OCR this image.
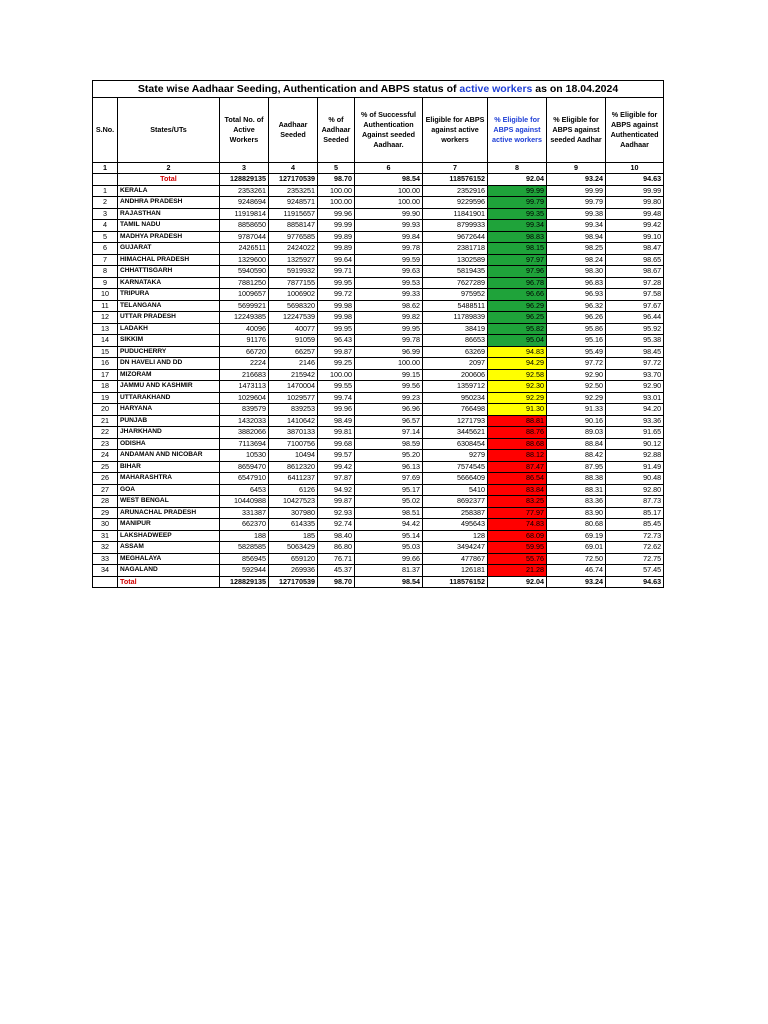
State wise Aadhaar Seeding, Authentication and ABPS status of active workers as on 18.04.2024									
S.No.	States/UTs	Total No. of Active Workers	Aadhaar Seeded	% of Aadhaar Seeded	% of Successful Authentication Against seeded Aadhaar.	Eligible for ABPS against active workers	% Eligible for ABPS against active workers	% Eligible for ABPS against seeded Aadhar	% Eligible for ABPS against Authenticated Aadhaar
1	2	3	4	5	6	7	8	9	10
	Total	128829135	127170539	98.70	98.54	118576152	92.04	93.24	94.63
1	KERALA	2353261	2353251	100.00	100.00	2352916	99.99	99.99	99.99
2	ANDHRA PRADESH	9248694	9248571	100.00	100.00	9229596	99.79	99.79	99.80
3	RAJASTHAN	11919814	11915657	99.96	99.90	11841901	99.35	99.38	99.48
4	TAMIL NADU	8858650	8858147	99.99	99.93	8799933	99.34	99.34	99.42
5	MADHYA PRADESH	9787044	9776585	99.89	99.84	9672644	98.83	98.94	99.10
6	GUJARAT	2426511	2424022	99.89	99.78	2381718	98.15	98.25	98.47
7	HIMACHAL PRADESH	1329600	1325927	99.64	99.59	1302589	97.97	98.24	98.65
8	CHHATTISGARH	5940590	5919932	99.71	99.63	5819435	97.96	98.30	98.67
9	KARNATAKA	7881250	7877155	99.95	99.53	7627289	96.78	96.83	97.28
10	TRIPURA	1009657	1006902	99.72	99.33	975952	96.66	96.93	97.58
11	TELANGANA	5699921	5698320	99.98	98.62	5488511	96.29	96.32	97.67
12	UTTAR PRADESH	12249385	12247539	99.98	99.82	11789839	96.25	96.26	96.44
13	LADAKH	40096	40077	99.95	99.95	38419	95.82	95.86	95.92
14	SIKKIM	91176	91059	96.43	99.78	86653	95.04	95.16	95.38
15	PUDUCHERRY	66720	66257	99.87	96.99	63269	94.83	95.49	98.45
16	DN HAVELI AND DD	2224	2146	99.25	100.00	2097	94.29	97.72	97.72
17	MIZORAM	216683	215942	100.00	99.15	200606	92.58	92.90	93.70
18	JAMMU AND KASHMIR	1473113	1470004	99.55	99.56	1359712	92.30	92.50	92.90
19	UTTARAKHAND	1029604	1029577	99.74	99.23	950234	92.29	92.29	93.01
20	HARYANA	839579	839253	99.96	96.96	766498	91.30	91.33	94.20
21	PUNJAB	1432033	1410642	98.49	96.57	1271793	88.81	90.16	93.36
22	JHARKHAND	3882066	3870133	99.81	97.14	3445621	88.76	89.03	91.65
23	ODISHA	7113694	7100756	99.68	98.59	6308454	88.68	88.84	90.12
24	ANDAMAN AND NICOBAR	10530	10494	99.57	95.20	9279	88.12	88.42	92.88
25	BIHAR	8659470	8612320	99.42	96.13	7574545	87.47	87.95	91.49
26	MAHARASHTRA	6547910	6411237	97.87	97.69	5666409	86.54	88.38	90.48
27	GOA	6453	6126	94.92	95.17	5410	83.84	88.31	92.80
28	WEST BENGAL	10440988	10427523	99.87	95.02	8692377	83.25	83.36	87.73
29	ARUNACHAL PRADESH	331387	307980	92.93	98.51	258387	77.97	83.90	85.17
30	MANIPUR	662370	614335	92.74	94.42	495643	74.83	80.68	85.45
31	LAKSHADWEEP	188	185	98.40	95.14	128	68.09	69.19	72.73
32	ASSAM	5828585	5063429	86.80	95.03	3494247	59.95	69.01	72.62
33	MEGHALAYA	856945	659120	76.71	99.66	477867	55.76	72.50	72.75
34	NAGALAND	592944	269936	45.37	81.37	126181	21.28	46.74	57.45
	Total	128829135	127170539	98.70	98.54	118576152	92.04	93.24	94.63
